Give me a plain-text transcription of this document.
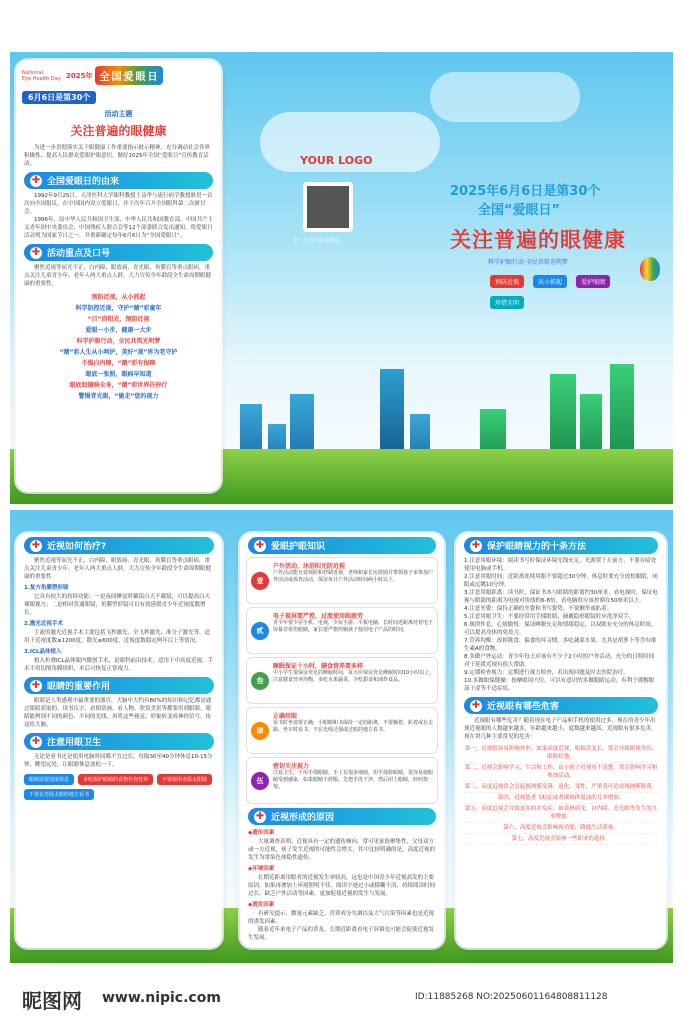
National
Eye Health Day 2025年 全国爱眼日
6月6日是第30个
活动主题
关注普遍的眼健康
为进一步贯彻落实关于眼健康工作重要指示批示精神，充分调动社会各界积极性，提高人民群众爱眼护眼意识，做好2025年全国“爱眼日”宣传教育活动。
✚ 全国爱眼日的由来
1992年9月25日，天津医科大学眼科教授王益华与流行病学教授耿贯一首次向全国倡议，在中国国内设立爱眼日，并于次年召开全国眼科第二次研讨会。
1996年，原中华人民共和国卫生部、中华人民共和国教育部、中国共产主义青年团中央委员会、中国残疾人联合会等12个部委联合发出通知，将爱眼日活动列为国家节日之一，并重新确定每年6月6日为“全国爱眼日”。
✚ 活动重点及口号
聚焦近视等屈光不正、白内障、眼底病、青光眼、角膜盲等重点眼病，重点关注儿童青少年、老年人两大重点人群，大力宣传全年龄段全生命周期眼健康的重要性。
预防近视，从小抓起
科学防控近视，守护“睛”彩童年
“目”浴阳光，预防近视
爱眼一小步，健康一大步
科学护眼行动，全民共筑光明梦
“睛”彩人生从小呵护，美好“视”界为老守护
不惧白内障，“睛”彩有保障
眼底一张照，眼病早知道
眼底如镜映全身，“睛”彩世界任你行
警惕青光眼，“偷走”您的视力
YOUR LOGO
扫一扫 学习更多知识
2025年6月6日是第30个
全国“爱眼日”
关注普遍的眼健康
科学护眼行动 全民共筑光明梦
预防近视	从小抓起	爱护眼睛 珍惜光明
✚ 近视如何治疗?
聚焦近视等屈光不正、白内障、眼底病、青光眼、角膜盲等重点眼病，重点关注儿童青少年、老年人两大重点人群，大力宣传全年龄段全生命周期眼健康的重要性。
1.复方角膜塑形镜
它具有较大的持续功能：一是夜间睡觉时戴镜白天不戴镜，可以提高白天裸眼视力；二是相对普通眼镜，角膜塑形镜可以有效延缓青少年近视度数增长。
2.激光近视手术
主流的激光近视手术主要包括飞秒激光、全飞秒激光、准分子激光等，适用于近视度数≤1200度，散光≤600度，近视度数稳定两年以上等情况。
3.ICL晶体植入
植入折叠ICL晶体眼内微创手术，是眼科前沿技术，适用于中高度近视，手术不用切削角膜组织，术后可恢复正常视力。
✚ 眼睛的重要作用
眼睛是人类感观中最重要的器官，大脑中大约有80%的知识和记忆都是通过眼睛获取的。读书认字、看图赏画、看人物、欣赏美景等都要用到眼睛。眼睛能辨别不同的颜色、不同的光线，再将这些视觉、形象转变成神经信号，传送给大脑。
✚ 注意用眼卫生
无论是看书还是使用电脑时间都不宜过长，每隔30至40分钟休息10-15分钟，眺望远处，让眼睛休息放松一下。
眼睛需要适度休息	多吃保护眼睛的食物补充营养	不要使用劣质太阳镜
不要在光线太暗的地方看书
✚ 爱眼护眼知识
壹
户外活动，沐浴阳光防近视
户外活动能有效预防和控制近视，老师和家长应鼓励并带领孩子多参加户外活动或体育活动，保证每日户外活动时间两小时以上。
贰
电子视屏要严控，过度使用眼疲劳
青少年要少看手机、电视，少玩手游、平板电脑，长时间近距离对着电子屏幕非常伤眼睛，家长要严格控制孩子使用电子产品的时间。
叁
睡眠保证十小时，膳食营养要多样
中小学生要保证充足的睡眠时间，每天应保证充足睡眠时间10小时以上，注意膳食营养均衡，多吃水果蔬菜，少吃甜食和油炸食品。
肆
正确用眼
看书时坐姿要正确，小眼睛和书保持一定的距离，不要躺着、趴着或在走路、坐车时看书，不在光线过强或过暗的地方看书。
伍
密切关注视力
注意卫生，不用手揉眼睛，手上有很多细菌，用手揉搓眼睛，很容易使眼睛受到感染，如果眼睛不舒服，先把手洗干净，然后闭上眼睛，轻轻按一按。
✚ 近视形成的原因
◆遗传因素
大量调查表明，近视具有一定的遗传倾向，常可见家族聚集性，父母双方或一方近视，孩子发生近视的可能性会增大，其中比较明确的是，高度近视的发生为常染色体隐性遗传。
◆环境因素
长期近距离用眼者的近视发生率较高，这也是中国青少年近视高发的主要原因。如果再叠加上环境照明不佳、阅读字迹过小或模糊不清、持续阅读时间过长、缺乏户外活动等因素，更加促使近视的发生与发展。
◆诱发因素
有研究提示，微量元素缺乏、营养成分失调以及大气污染等因素也是近视的诱发因素。
随着近年来电子产品的普及，长期近距离看电子屏幕也可能会促使近视发生发展。
✚ 保护眼睛视力的十条方法
1.注意用眼环境：阅读书写时保证环境光线充足，光源置于左前方，不要在暗处使用电脑或手机。
2.注意用眼时间：近距离连续用眼不要超过30分钟，休息时要充分放松眼睛，闭眼或远眺10分钟。
3.注意用眼距离：读书时，保证书本与眼睛的距离约30厘米，看电视时，保证电视与眼睛的距离为电视对角线的6-8倍，看电脑时应该控制在50厘米以上。
4.注意坐姿：保持正确的坐姿和书写姿势，不要侧坐或趴着。
5.注意用眼卫生：不要经常用手揉眼睛，摘戴隐形眼镜时应洗净双手。
6.规律作息，心情愉悦：保证睡眠充足和情绪稳定，以双眼有充分的休息时间，可以提高身体的免疫力。
7.营养均衡：改掉挑食、偏食的坏习惯，多吃蔬菜水果、尤其是胡萝卜等含有维生素A的食物。
8.多做户外运动：青少年每天应该有不少于2小时的户外活动，充分的日照时间对于延缓近视有很大帮助。
9.定期检查视力：定期进行视力检查，若出现问题及时去医院治疗。
10.多做眼保健操：按摩眼周穴位，可以有意识的多做眼睛运动，有利于缓解眼部干涩等不适症状。
✚ 近视眼有哪些危害
近视眼有哪些危害？随着现在电子产品和手机的使用过多，现在的青少年出现近视眼的人数越来越多，年龄越来越小，度数越来越高，近视眼有很多危害，现在讲几种主要常见的危害：
第一，近视眼容易影响外形，如果高度近视，眼轴会变长，常会导致眼球突出、眼睑松弛。
第二，近视会影响学习、生活和工作，由于孩子近视看不清楚，常会影响学习和参加活动。
第三，高度近视常会引起视网膜变薄、退化、变性，严重者可造成视网膜脱落。
第四，近视患者飞蚊症或者玻璃体混浊的几率增加。
第五，高度近视会导致更多的并发症，如黄斑病变、白内障、青光眼等发生的几率增加。
第六，高度近视会影响视功能、降低生活质量。
第七，高度近视会影响一些职业的选择。
昵图网 www.nipic.com	ID:11885268 NO:20250601164808811128
